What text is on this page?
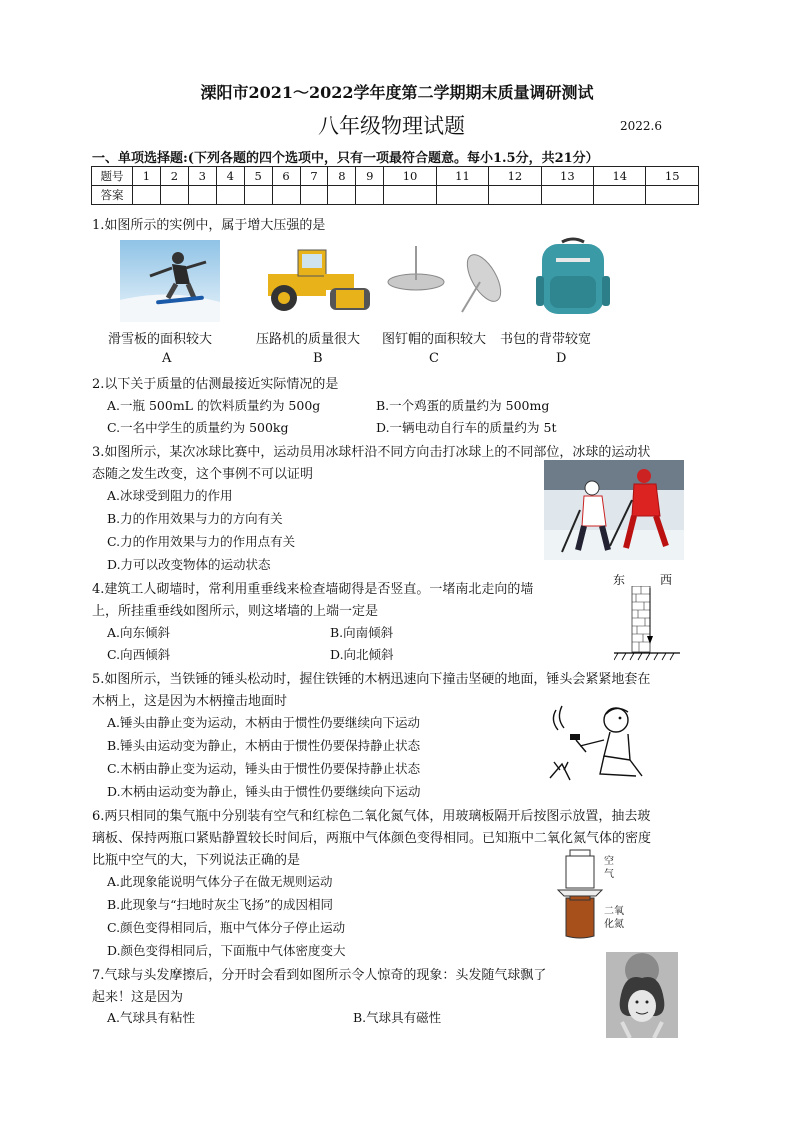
溧阳市2021～2022学年度第二学期期末质量调研测试
八年级物理试题	2022.6
一、单项选择题:(下列各题的四个选项中，只有一项最符合题意。每小1.5分，共21分）
题号	1	2	3	4	5	6	7	8	9	10	11	12	13	14	15
答案															
1.如图所示的实例中，属于增大压强的是
滑雪板的面积较大	压路机的质量很大 图钉帽的面积较大 书包的背带较宽
A	B	C	D
2.以下关于质量的估测最接近实际情况的是
A.一瓶 500mL 的饮料质量约为 500g	B.一个鸡蛋的质量约为 500mg
C.一名中学生的质量约为 500kg	D.一辆电动自行车的质量约为 5t
3.如图所示，某次冰球比赛中，运动员用冰球杆沿不同方向击打冰球上的不同部位，冰球的运动状
态随之发生改变，这个事例不可以证明
A.冰球受到阻力的作用
B.力的作用效果与力的方向有关
C.力的作用效果与力的作用点有关
D.力可以改变物体的运动状态
4.建筑工人砌墙时，常利用重垂线来检查墙砌得是否竖直。一堵南北走向的墙
上，所挂重垂线如图所示，则这堵墙的上端一定是
A.向东倾斜	B.向南倾斜
C.向西倾斜	D.向北倾斜
东	西
5.如图所示，当铁锤的锤头松动时，握住铁锤的木柄迅速向下撞击坚硬的地面，锤头会紧紧地套在
木柄上，这是因为木柄撞击地面时
A.锤头由静止变为运动，木柄由于惯性仍要继续向下运动
B.锤头由运动变为静止，木柄由于惯性仍要保持静止状态
C.木柄由静止变为运动，锤头由于惯性仍要保持静止状态
D.木柄由运动变为静止，锤头由于惯性仍要继续向下运动
6.两只相同的集气瓶中分别装有空气和红棕色二氧化氮气体，用玻璃板隔开后按图示放置，抽去玻
璃板、保持两瓶口紧贴静置较长时间后，两瓶中气体颜色变得相同。已知瓶中二氧化氮气体的密度
比瓶中空气的大，下列说法正确的是
A.此现象能说明气体分子在做无规则运动
B.此现象与“扫地时灰尘飞扬”的成因相同
C.颜色变得相同后，瓶中气体分子停止运动
D.颜色变得相同后，下面瓶中气体密度变大
空
气
二氧
化氮
7.气球与头发摩擦后，分开时会看到如图所示令人惊奇的现象：头发随气球飘了
起来！这是因为
A.气球具有粘性	B.气球具有磁性
